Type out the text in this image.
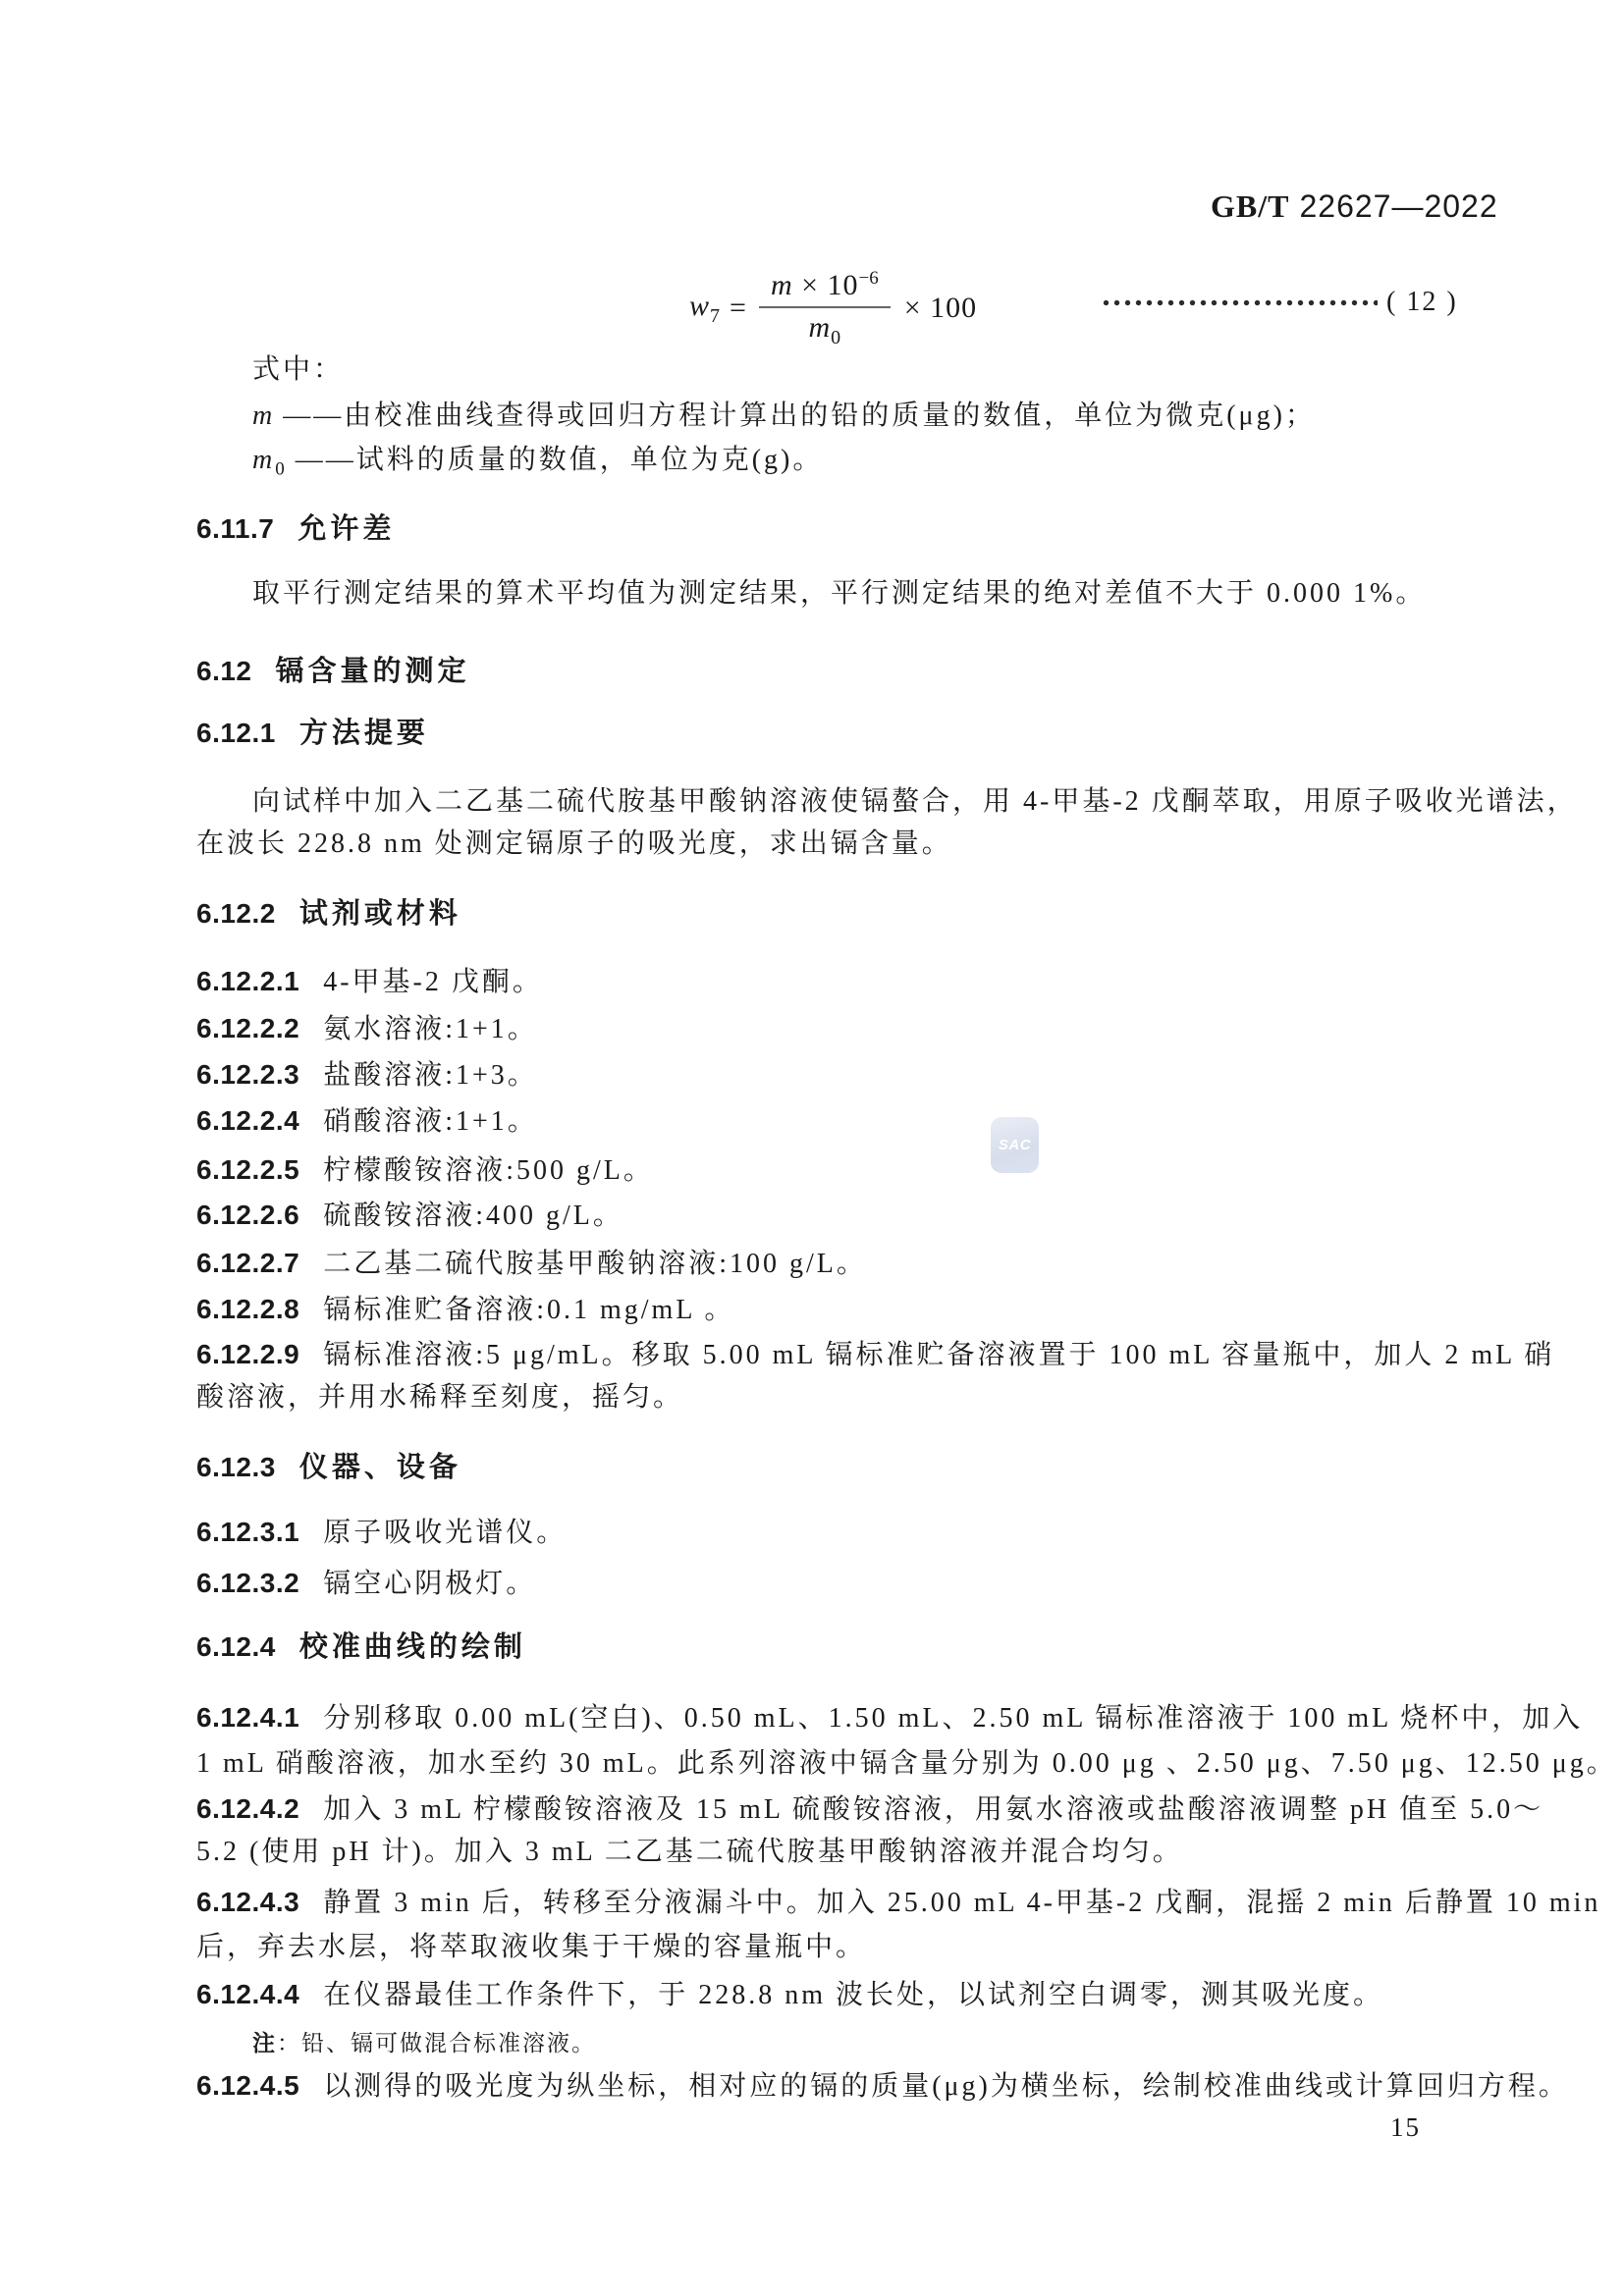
GB/T 22627—2022
$w_7 = \frac{m \times 10^{-6}}{m_0} \times 100$	( 12 )
式中：
m ——由校准曲线查得或回归方程计算出的铅的质量的数值，单位为微克(μg)；
$m_0$ ——试料的质量的数值，单位为克(g)。
6.11.7 允许差
取平行测定结果的算术平均值为测定结果，平行测定结果的绝对差值不大于 0.000 1%。
6.12 镉含量的测定
6.12.1 方法提要
向试样中加入二乙基二硫代胺基甲酸钠溶液使镉螯合，用 4-甲基-2 戊酮萃取，用原子吸收光谱法，
在波长 228.8 nm 处测定镉原子的吸光度，求出镉含量。
6.12.2 试剂或材料
6.12.2.1 4-甲基-2 戊酮。
6.12.2.2 氨水溶液:1+1。
6.12.2.3 盐酸溶液:1+3。
6.12.2.4 硝酸溶液:1+1。
6.12.2.5 柠檬酸铵溶液:500 g/L。
6.12.2.6 硫酸铵溶液:400 g/L。
6.12.2.7 二乙基二硫代胺基甲酸钠溶液:100 g/L。
6.12.2.8 镉标准贮备溶液:0.1 mg/mL 。
6.12.2.9 镉标准溶液:5 μg/mL。移取 5.00 mL 镉标准贮备溶液置于 100 mL 容量瓶中，加人 2 mL 硝
酸溶液，并用水稀释至刻度，摇匀。
6.12.3 仪器、设备
6.12.3.1 原子吸收光谱仪。
6.12.3.2 镉空心阴极灯。
6.12.4 校准曲线的绘制
6.12.4.1 分别移取 0.00 mL(空白)、0.50 mL、1.50 mL、2.50 mL 镉标准溶液于 100 mL 烧杯中，加入
1 mL 硝酸溶液，加水至约 30 mL。此系列溶液中镉含量分别为 0.00 μg 、2.50 μg、7.50 μg、12.50 μg。
6.12.4.2 加入 3 mL 柠檬酸铵溶液及 15 mL 硫酸铵溶液，用氨水溶液或盐酸溶液调整 pH 值至 5.0～
5.2 (使用 pH 计)。加入 3 mL 二乙基二硫代胺基甲酸钠溶液并混合均匀。
6.12.4.3 静置 3 min 后，转移至分液漏斗中。加入 25.00 mL 4-甲基-2 戊酮，混摇 2 min 后静置 10 min
后，弃去水层，将萃取液收集于干燥的容量瓶中。
6.12.4.4 在仪器最佳工作条件下，于 228.8 nm 波长处，以试剂空白调零，测其吸光度。
注：铅、镉可做混合标准溶液。
6.12.4.5 以测得的吸光度为纵坐标，相对应的镉的质量(μg)为横坐标，绘制校准曲线或计算回归方程。
SAC
15
